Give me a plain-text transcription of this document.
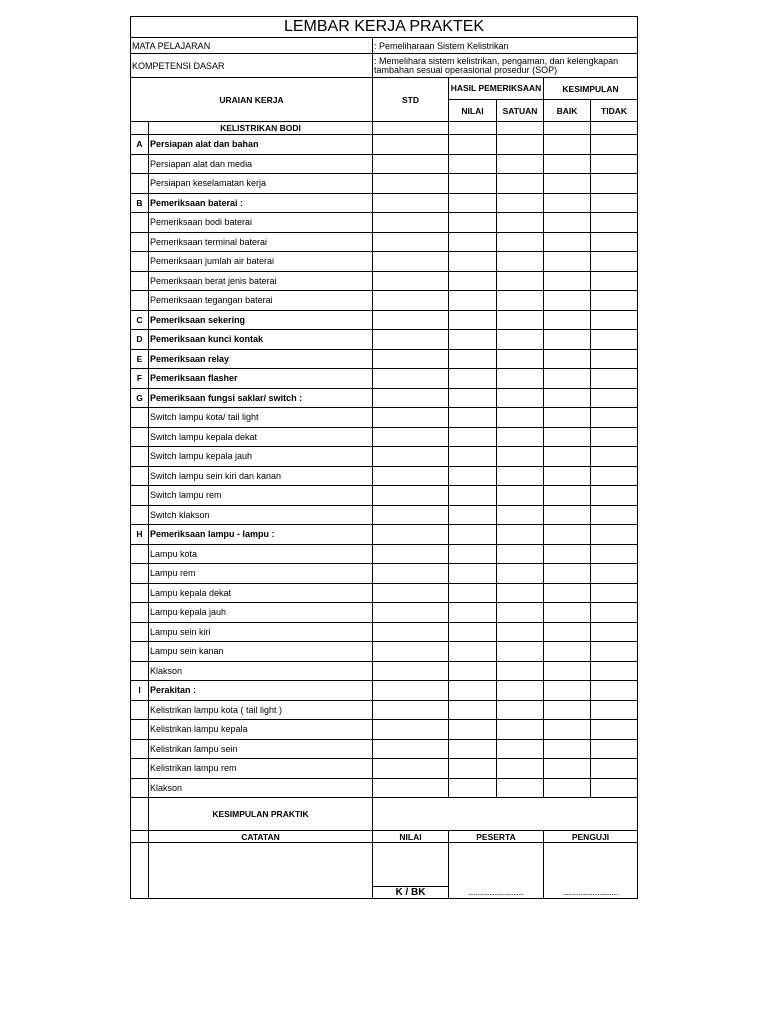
LEMBAR KERJA PRAKTEK						
MATA PELAJARAN		: Pemeliharaan Sistem Kelistrikan				
KOMPETENSI DASAR		: Memelihara sistem kelistrikan, pengaman, dan kelengkapan tambahan sesuai operasional prosedur (SOP)				
URAIAN KERJA		STD	HASIL PEMERIKSAAN		KESIMPULAN	
			NILAI	SATUAN	BAIK	TIDAK
	KELISTRIKAN BODI					
A	Persiapan alat dan bahan					
	Persiapan alat dan media					
	Persiapan keselamatan kerja					
B	Pemeriksaan baterai :					
	Pemeriksaan bodi baterai					
	Pemeriksaan terminal baterai					
	Pemeriksaan jumlah air baterai					
	Pemeriksaan berat jenis baterai					
	Pemeriksaan tegangan baterai					
C	Pemeriksaan sekering					
D	Pemeriksaan kunci kontak					
E	Pemeriksaan relay					
F	Pemeriksaan flasher					
G	Pemeriksaan fungsi saklar/ switch :					
	Switch lampu kota/ tail light					
	Switch lampu kepala dekat					
	Switch lampu kepala jauh					
	Switch lampu sein kiri dan kanan					
	Switch lampu rem					
	Switch klakson					
H	Pemeriksaan lampu - lampu :					
	Lampu kota					
	Lampu rem					
	Lampu kepala dekat					
	Lampu kepala jauh					
	Lampu sein kiri					
	Lampu sein kanan					
	Klakson					
I	Perakitan :					
	Kelistrikan lampu kota ( tail light )					
	Kelistrikan lampu kepala					
	Kelistrikan lampu sein					
	Kelistrikan lampu rem					
	Klakson					
	KESIMPULAN PRAKTIK					
	CATATAN	NILAI	PESERTA		PENGUJI	

		K / BK	................................		................................	
